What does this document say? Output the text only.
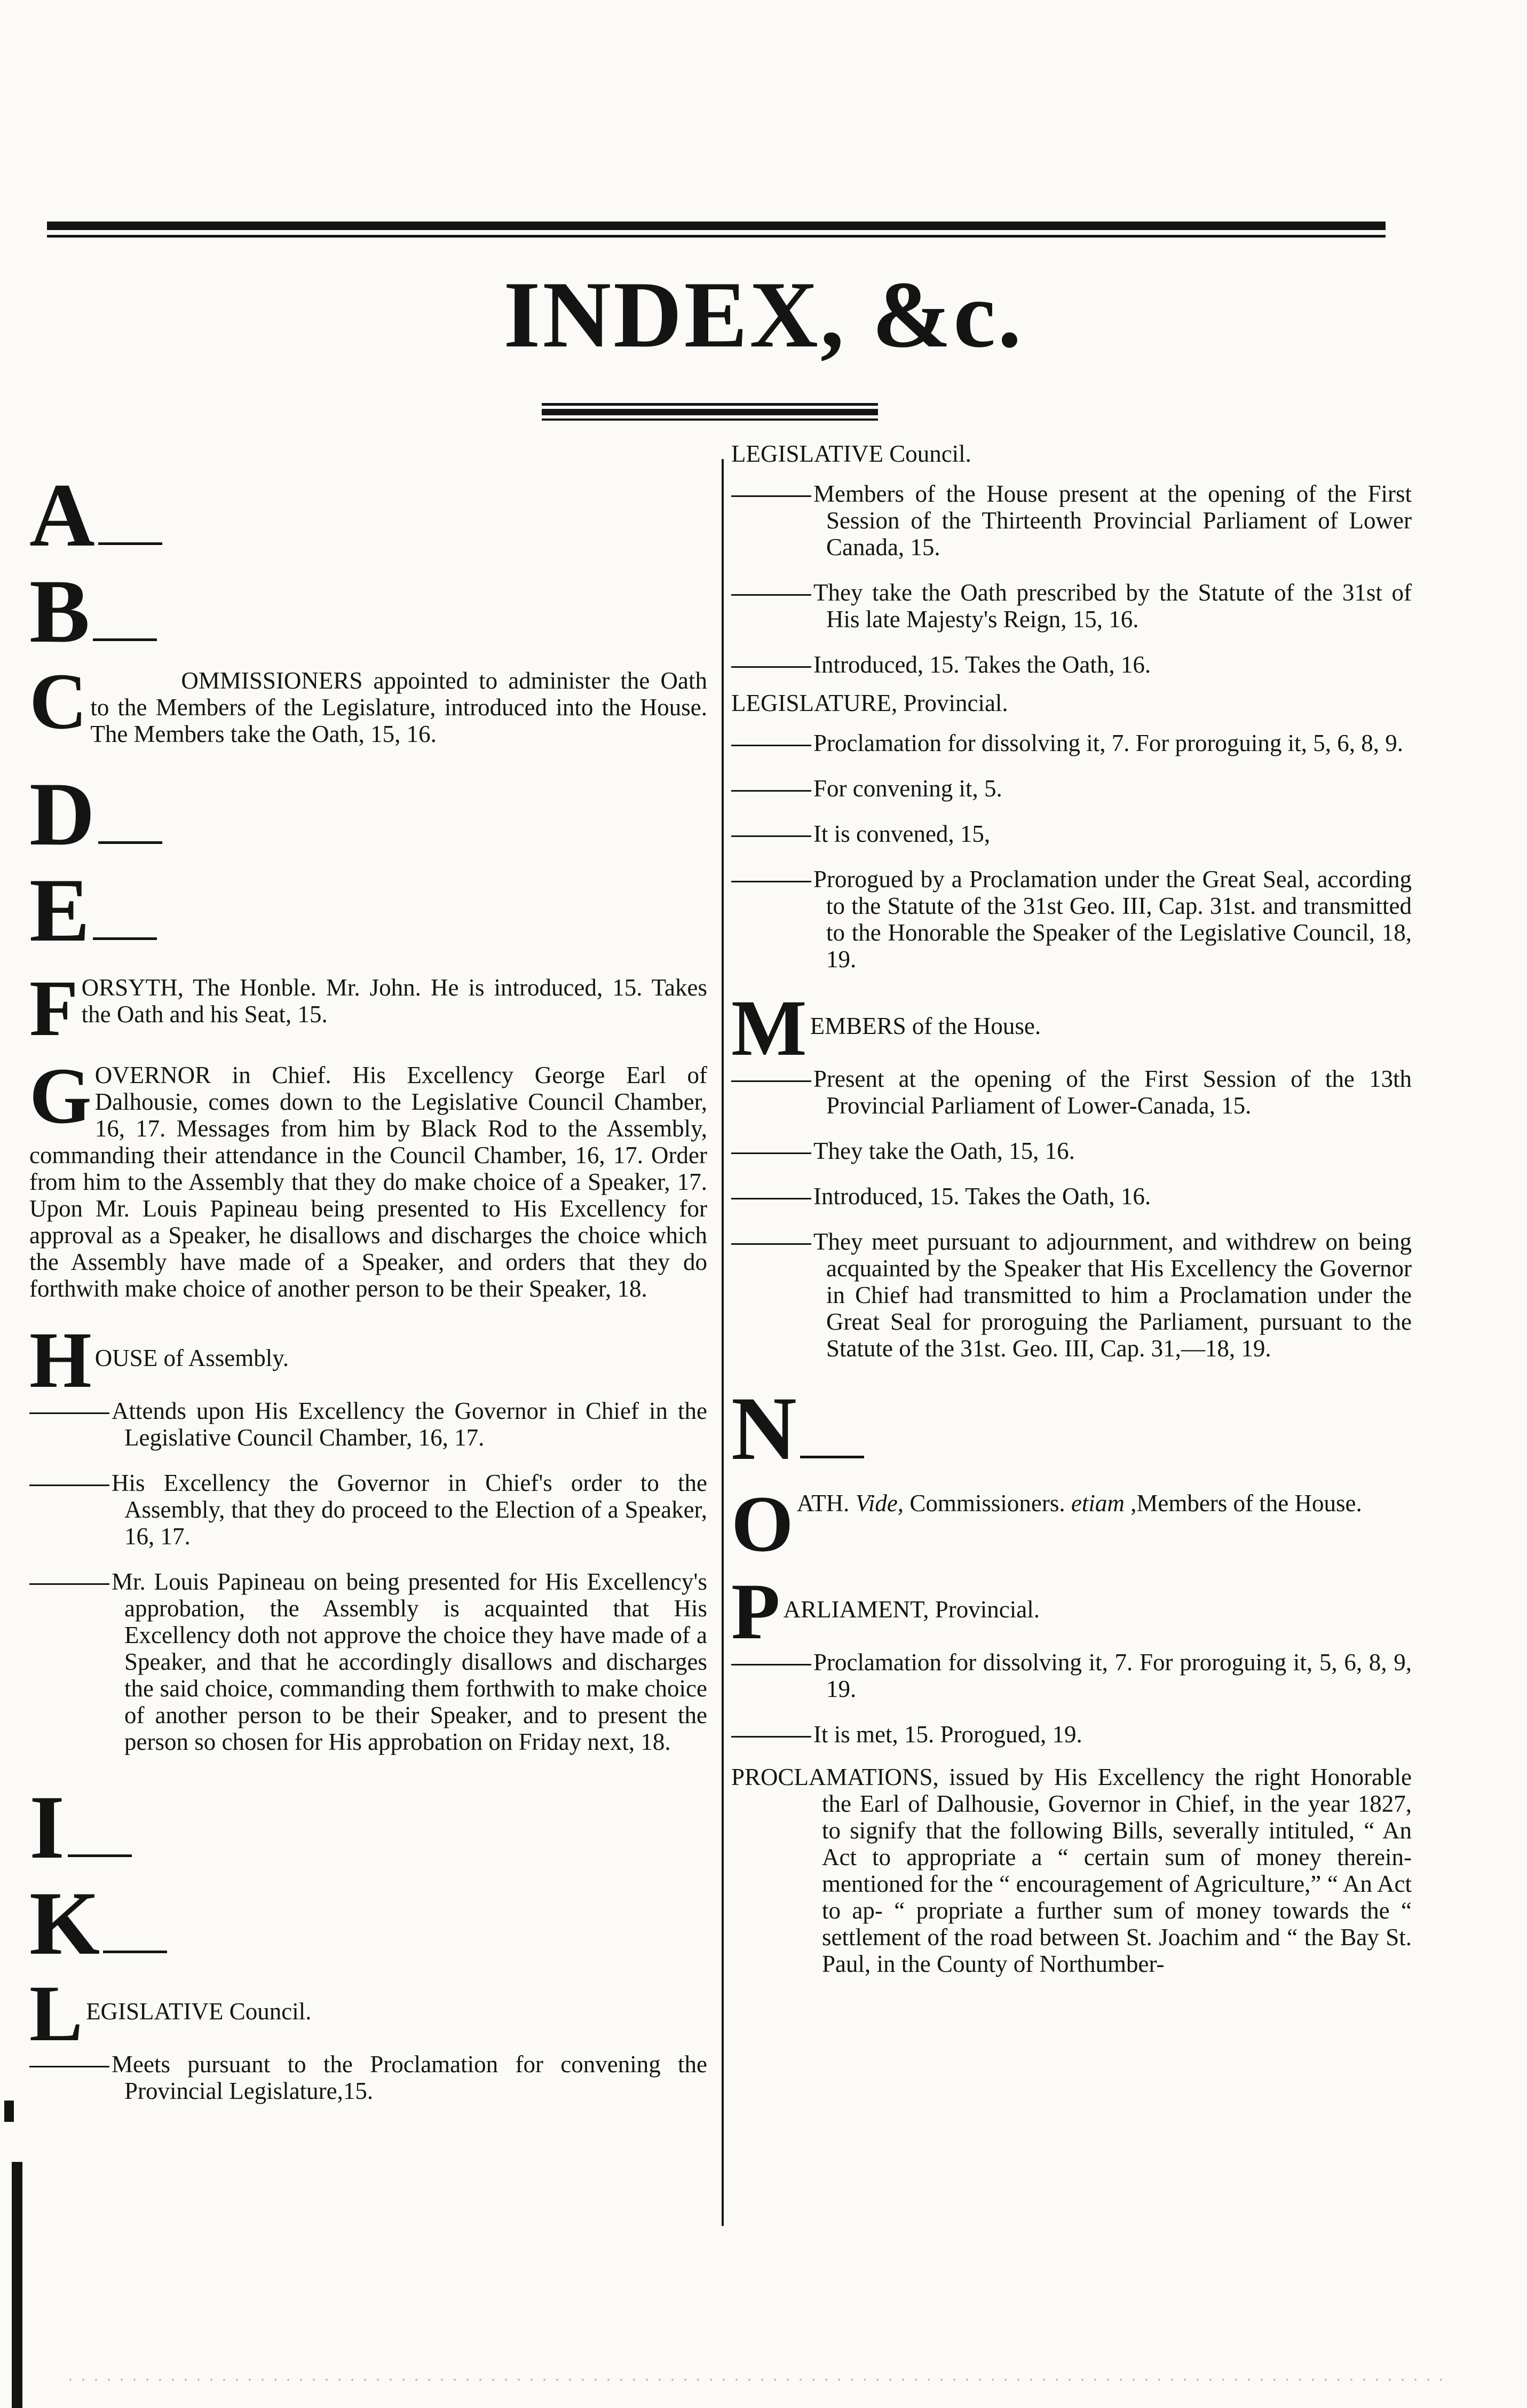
INDEX, &c.
A
B
C	OMMISSIONERS appointed to administer the Oath to the Members of the Legislature, introduced into the House. The Members take the Oath, 15, 16.
D
E
F ORSYTH, The Honble. Mr. John. He is introduced, 15. Takes the Oath and his Seat, 15.
G OVERNOR in Chief. His Excellency George Earl of Dalhousie, comes down to the Legislative Council Chamber, 16, 17. Messages from him by Black Rod to the Assembly, commanding their attendance in the Council Chamber, 16, 17. Order from him to the Assembly that they do make choice of a Speaker, 17. Upon Mr. Louis Papineau being presented to His Excellency for approval as a Speaker, he disallows and discharges the choice which the Assembly have made of a Speaker, and orders that they do forthwith make choice of another person to be their Speaker, 18.
H OUSE of Assembly.
Attends upon His Excellency the Governor in Chief in the Legislative Council Chamber, 16, 17.
His Excellency the Governor in Chief's order to the Assembly, that they do proceed to the Election of a Speaker, 16, 17.
Mr. Louis Papineau on being presented for His Excellency's approbation, the Assembly is acquainted that His Excellency doth not approve the choice they have made of a Speaker, and that he accordingly disallows and discharges the said choice, commanding them forthwith to make choice of another person to be their Speaker, and to present the person so chosen for His approbation on Friday next, 18.
I
K
L EGISLATIVE Council.
Meets pursuant to the Proclamation for convening the Provincial Legislature,15.
LEGISLATIVE Council.
Members of the House present at the opening of the First Session of the Thirteenth Provincial Parliament of Lower Canada, 15.
They take the Oath prescribed by the Statute of the 31st of His late Majesty's Reign, 15, 16.
Introduced, 15. Takes the Oath, 16.
LEGISLATURE, Provincial.
Proclamation for dissolving it, 7. For proroguing it, 5, 6, 8, 9.
For convening it, 5.
It is convened, 15,
Prorogued by a Proclamation under the Great Seal, according to the Statute of the 31st Geo. III, Cap. 31st. and transmitted to the Honorable the Speaker of the Legislative Council, 18, 19.
M EMBERS of the House.
Present at the opening of the First Session of the 13th Provincial Parliament of Lower-Canada, 15.
They take the Oath, 15, 16.
Introduced, 15. Takes the Oath, 16.
They meet pursuant to adjournment, and withdrew on being acquainted by the Speaker that His Excellency the Governor in Chief had transmitted to him a Proclamation under the Great Seal for proroguing the Parliament, pursuant to the Statute of the 31st. Geo. III, Cap. 31,—18, 19.
N
O ATH. Vide, Commissioners. etiam ,Members of the House.
P ARLIAMENT, Provincial.
Proclamation for dissolving it, 7. For proroguing it, 5, 6, 8, 9, 19.
It is met, 15. Prorogued, 19.
PROCLAMATIONS, issued by His Excellency the right Honorable the Earl of Dalhousie, Governor in Chief, in the year 1827, to signify that the following Bills, severally intituled, “ An Act to appropriate a “ certain sum of money therein-mentioned for the “ encouragement of Agriculture,” “ An Act to ap- “ propriate a further sum of money towards the “ settlement of the road between St. Joachim and “ the Bay St. Paul, in the County of Northumber-
